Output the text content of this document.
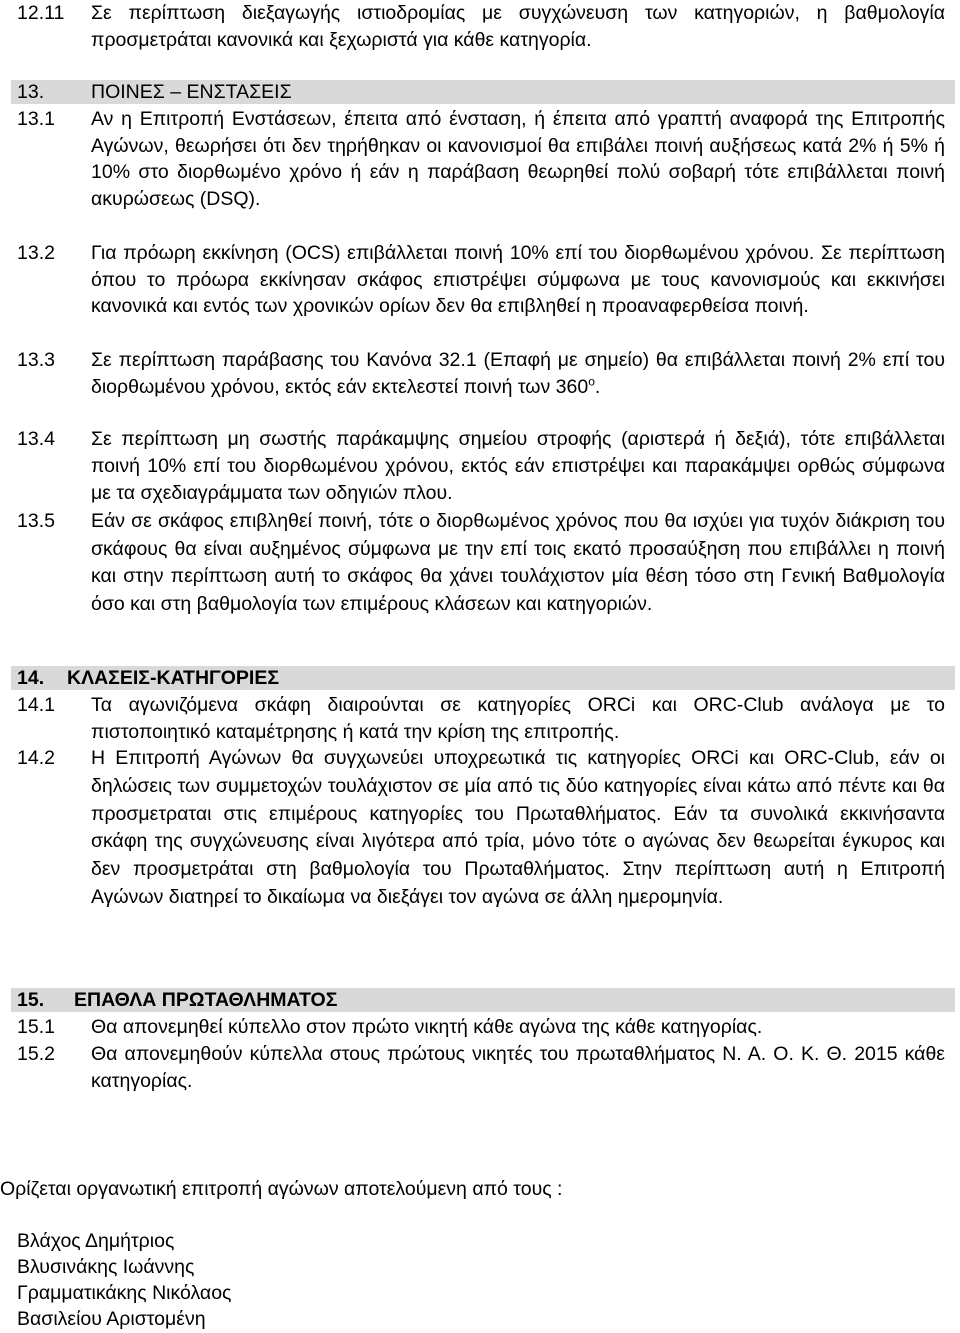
12.11 Σε περίπτωση διεξαγωγής ιστιοδρομίας με συγχώνευση των κατηγοριών, η βαθμολογία προσμετράται κανονικά και ξεχωριστά για κάθε κατηγορία.

13. ΠΟΙΝΕΣ – ΕΝΣΤΑΣΕΙΣ
13.1 Αν η Επιτροπή Ενστάσεων, έπειτα από ένσταση, ή έπειτα από γραπτή αναφορά της Επιτροπής Αγώνων, θεωρήσει ότι δεν τηρήθηκαν οι κανονισμοί θα επιβάλει ποινή αυξήσεως κατά 2% ή 5% ή 10% στο διορθωμένο χρόνο ή εάν η παράβαση θεωρηθεί πολύ σοβαρή τότε επιβάλλεται ποινή ακυρώσεως (DSQ).

13.2 Για πρόωρη εκκίνηση (OCS) επιβάλλεται ποινή 10% επί του διορθωμένου χρόνου. Σε περίπτωση όπου το πρόωρα εκκίνησαν σκάφος επιστρέψει σύμφωνα με τους κανονισμούς και εκκινήσει κανονικά και εντός των χρονικών ορίων δεν θα επιβληθεί η προαναφερθείσα ποινή.

13.3 Σε περίπτωση παράβασης του Κανόνα 32.1 (Επαφή με σημείο) θα επιβάλλεται ποινή 2% επί του διορθωμένου χρόνου, εκτός εάν εκτελεστεί ποινή των $360^o$.

13.4 Σε περίπτωση μη σωστής παράκαμψης σημείου στροφής (αριστερά ή δεξιά), τότε επιβάλλεται ποινή 10% επί του διορθωμένου χρόνου, εκτός εάν επιστρέψει και παρακάμψει ορθώς σύμφωνα με τα σχεδιαγράμματα των οδηγιών πλου.

13.5 Εάν σε σκάφος επιβληθεί ποινή, τότε ο διορθωμένος χρόνος που θα ισχύει για τυχόν διάκριση του σκάφους θα είναι αυξημένος σύμφωνα με την επί τοις εκατό προσαύξηση που επιβάλλει η ποινή και στην περίπτωση αυτή το σκάφος θα χάνει τουλάχιστον μία θέση τόσο στη Γενική Βαθμολογία όσο και στη βαθμολογία των επιμέρους κλάσεων και κατηγοριών.

14. ΚΛΑΣΕΙΣ-ΚΑΤΗΓΟΡΙΕΣ
14.1 Τα αγωνιζόμενα σκάφη διαιρούνται σε κατηγορίες ORCi και ORC-Club ανάλογα με το πιστοποιητικό καταμέτρησης ή κατά την κρίση της επιτροπής.

14.2 Η Επιτροπή Αγώνων θα συγχωνεύει υποχρεωτικά τις κατηγορίες ORCi και ORC-Club, εάν οι δηλώσεις των συμμετοχών τουλάχιστον σε μία από τις δύο κατηγορίες είναι κάτω από πέντε και θα προσμετραται στις επιμέρους κατηγορίες του Πρωταθλήματος. Εάν τα συνολικά εκκινήσαντα σκάφη της συγχώνευσης είναι λιγότερα από τρία, μόνο τότε ο αγώνας δεν θεωρείται έγκυρος και δεν προσμετράται στη βαθμολογία του Πρωταθλήματος. Στην περίπτωση αυτή η Επιτροπή Αγώνων διατηρεί το δικαίωμα να διεξάγει τον αγώνα σε άλλη ημερομηνία.

15. ΕΠΑΘΛΑ ΠΡΩΤΑΘΛΗΜΑΤΟΣ
15.1 Θα απονεμηθεί κύπελλο στον πρώτο νικητή κάθε αγώνα της κάθε κατηγορίας.

15.2 Θα απονεμηθούν κύπελλα στους πρώτους νικητές του πρωταθλήματος Ν. Α. Ο. Κ. Θ. 2015 κάθε κατηγορίας.

Ορίζεται οργανωτική επιτροπή αγώνων αποτελούμενη από τους :

Βλάχος Δημήτριος
Βλυσινάκης Ιωάννης
Γραμματικάκης Νικόλαος
Βασιλείου Αριστομένη
